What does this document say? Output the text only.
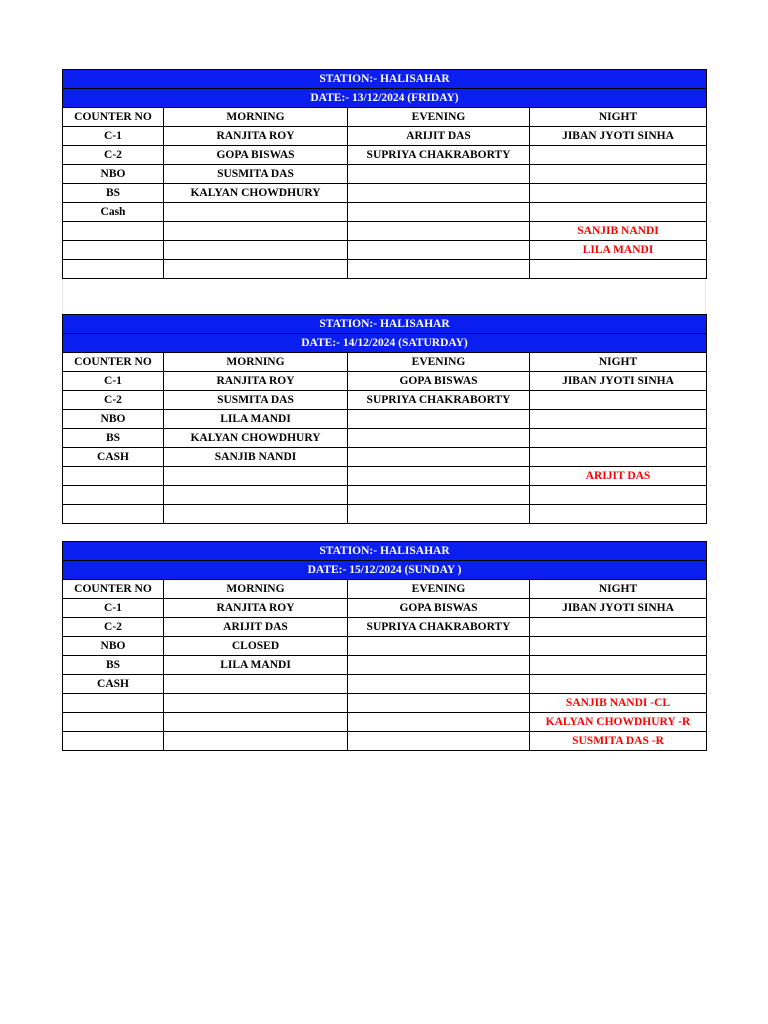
STATION:- HALISAHAR			
DATE:- 13/12/2024 (FRIDAY)			
COUNTER NO	MORNING	EVENING	NIGHT
C-1	RANJITA ROY	ARIJIT DAS	JIBAN JYOTI SINHA
C-2	GOPA BISWAS	SUPRIYA CHAKRABORTY	
NBO	SUSMITA DAS		
BS	KALYAN CHOWDHURY		
Cash			
			SANJIB NANDI
			LILA MANDI

STATION:- HALISAHAR			
DATE:- 14/12/2024 (SATURDAY)			
COUNTER NO	MORNING	EVENING	NIGHT
C-1	RANJITA ROY	GOPA BISWAS	JIBAN JYOTI SINHA
C-2	SUSMITA DAS	SUPRIYA CHAKRABORTY	
NBO	LILA MANDI		
BS	KALYAN CHOWDHURY		
CASH	SANJIB NANDI		
			ARIJIT DAS

STATION:- HALISAHAR			
DATE:- 15/12/2024 (SUNDAY )			
COUNTER NO	MORNING	EVENING	NIGHT
C-1	RANJITA ROY	GOPA BISWAS	JIBAN JYOTI SINHA
C-2	ARIJIT DAS	SUPRIYA CHAKRABORTY	
NBO	CLOSED		
BS	LILA MANDI		
CASH			
			SANJIB NANDI -CL
			KALYAN CHOWDHURY -R
			SUSMITA DAS -R
